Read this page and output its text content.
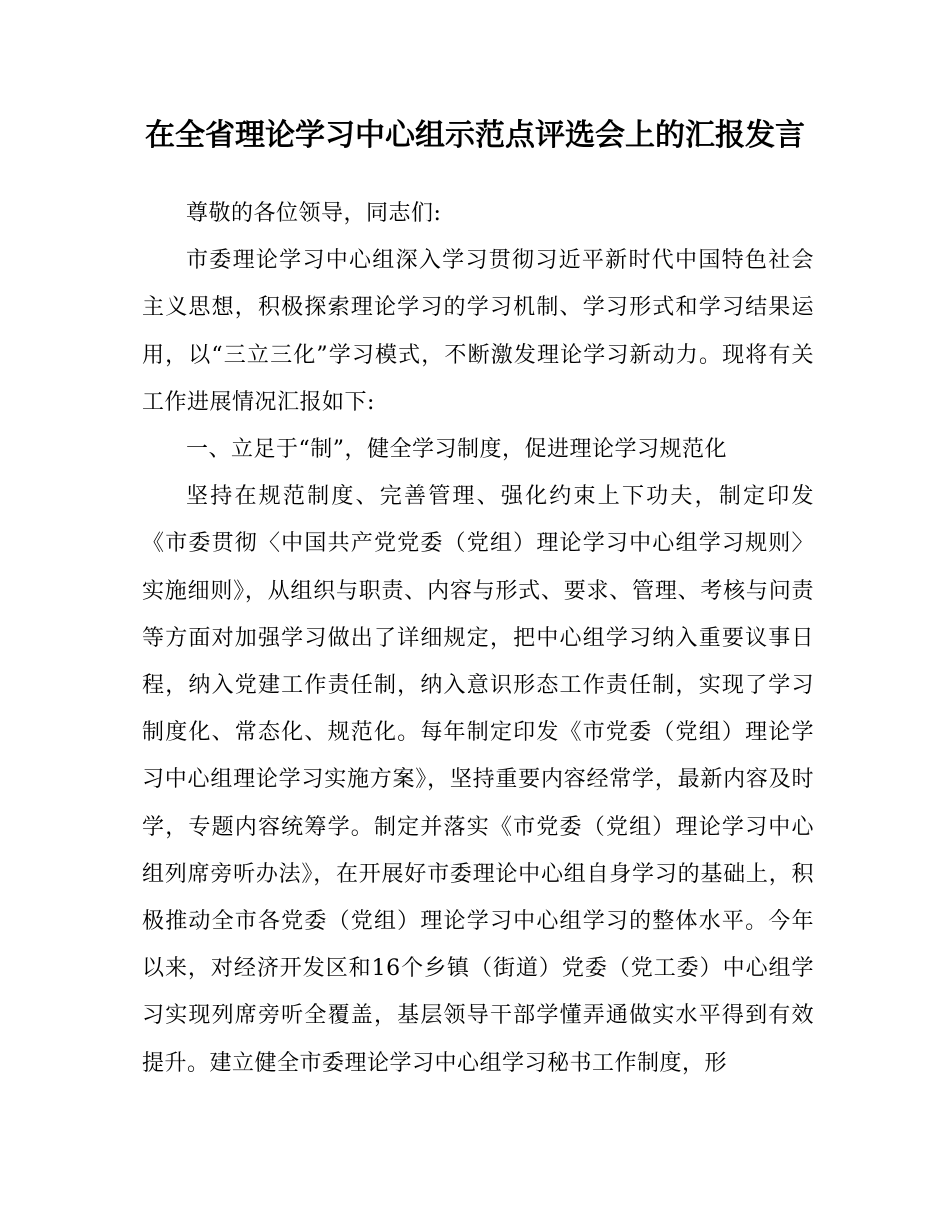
在全省理论学习中心组示范点评选会上的汇报发言

尊敬的各位领导，同志们:

市委理论学习中心组深入学习贯彻习近平新时代中国特色社会主义思想，积极探索理论学习的学习机制、学习形式和学习结果运用，以“三立三化”学习模式，不断激发理论学习新动力。现将有关工作进展情况汇报如下:

一、立足于“制”，健全学习制度，促进理论学习规范化

坚持在规范制度、完善管理、强化约束上下功夫，制定印发《市委贯彻〈中国共产党党委（党组）理论学习中心组学习规则〉实施细则》，从组织与职责、内容与形式、要求、管理、考核与问责等方面对加强学习做出了详细规定，把中心组学习纳入重要议事日程，纳入党建工作责任制，纳入意识形态工作责任制，实现了学习制度化、常态化、规范化。每年制定印发《市党委（党组）理论学习中心组理论学习实施方案》，坚持重要内容经常学，最新内容及时学，专题内容统筹学。制定并落实《市党委（党组）理论学习中心组列席旁听办法》，在开展好市委理论中心组自身学习的基础上，积极推动全市各党委（党组）理论学习中心组学习的整体水平。今年以来，对经济开发区和16个乡镇（街道）党委（党工委）中心组学习实现列席旁听全覆盖，基层领导干部学懂弄通做实水平得到有效提升。建立健全市委理论学习中心组学习秘书工作制度，形
